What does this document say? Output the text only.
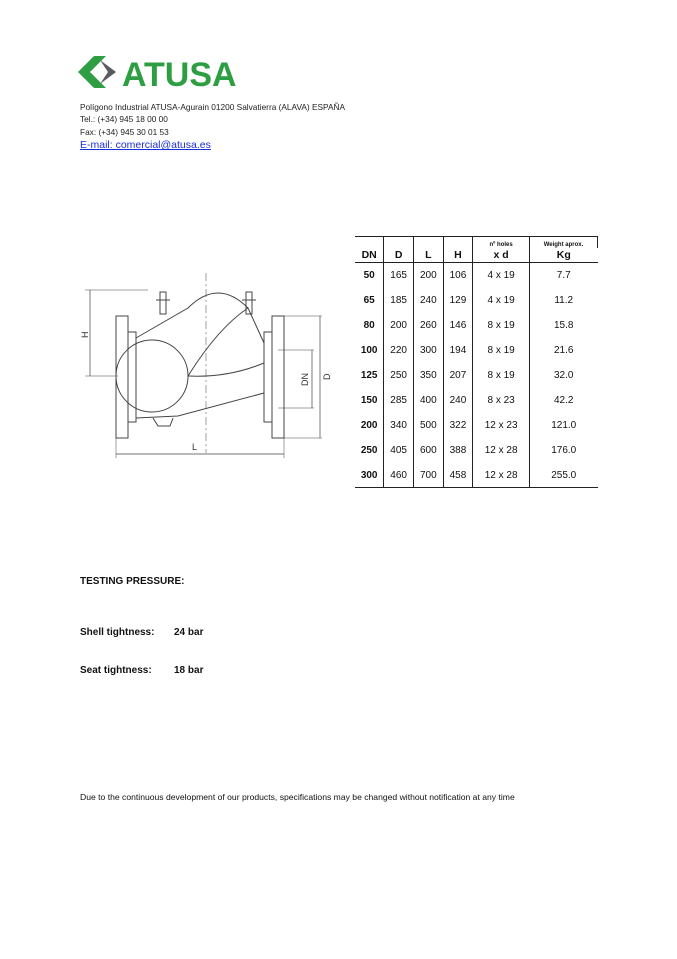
ATUSA
Polígono Industrial ATUSA-Agurain 01200 Salvatierra (ALAVA) ESPAÑA
Tel.: (+34) 945 18 00 00
Fax: (+34) 945 30 01 53
E-mail: comercial@atusa.es
H
DN D
L
				nº holes	Weight aprox.
DN	D	L	H	x d	Kg
50	165	200	106	4 x 19	7.7
65	185	240	129	4 x 19	11.2
80	200	260	146	8 x 19	15.8
100	220	300	194	8 x 19	21.6
125	250	350	207	8 x 19	32.0
150	285	400	240	8 x 23	42.2
200	340	500	322	12 x 23	121.0
250	405	600	388	12 x 28	176.0
300	460	700	458	12 x 28	255.0
TESTING PRESSURE:
Shell tightness: 24 bar
Seat tightness: 18 bar
Due to the continuous development of our products, specifications may be changed without notification at any time
